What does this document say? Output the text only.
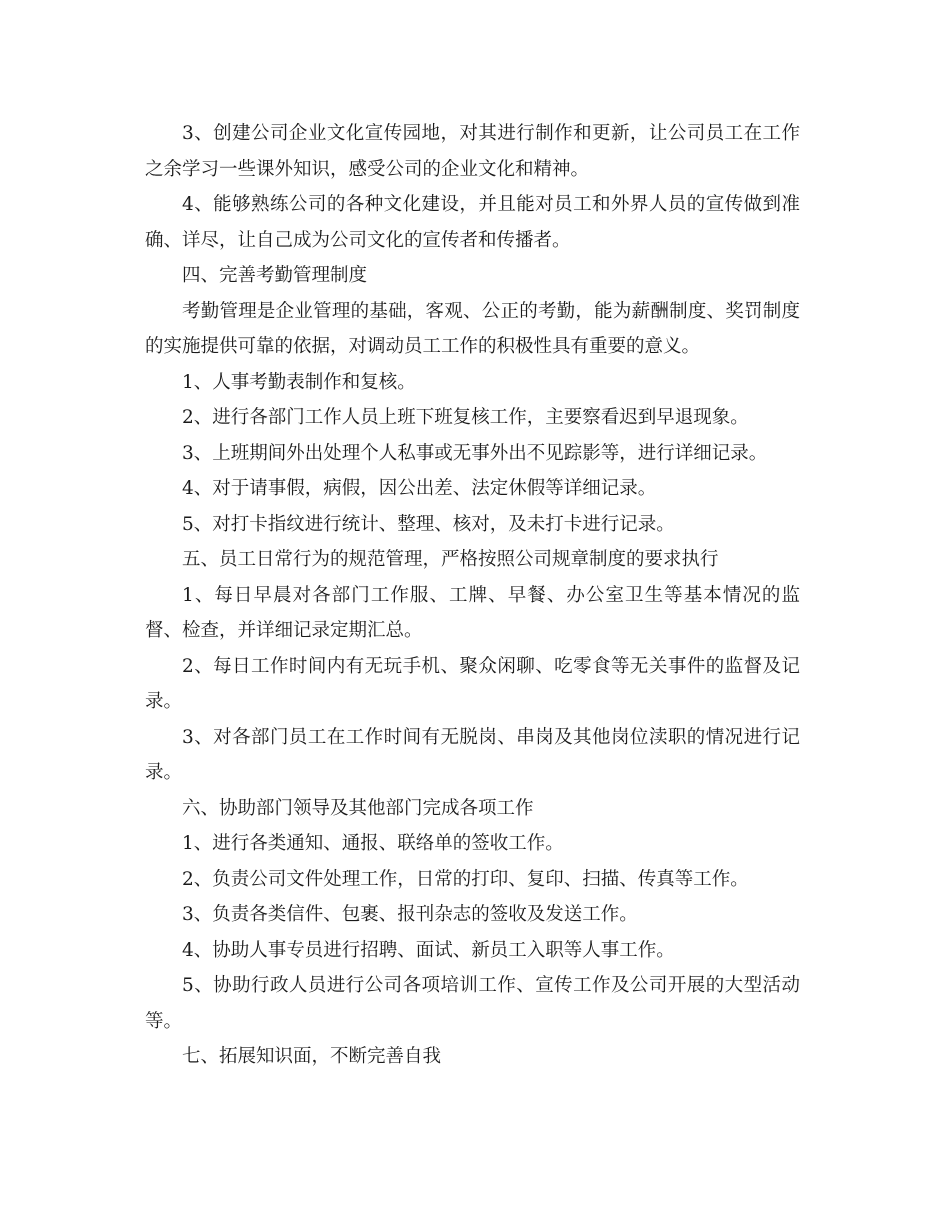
3、创建公司企业文化宣传园地，对其进行制作和更新，让公司员工在工作之余学习一些课外知识，感受公司的企业文化和精神。

4、能够熟练公司的各种文化建设，并且能对员工和外界人员的宣传做到准确、详尽，让自己成为公司文化的宣传者和传播者。

四、完善考勤管理制度

考勤管理是企业管理的基础，客观、公正的考勤，能为薪酬制度、奖罚制度的实施提供可靠的依据，对调动员工工作的积极性具有重要的意义。

1、人事考勤表制作和复核。

2、进行各部门工作人员上班下班复核工作，主要察看迟到早退现象。

3、上班期间外出处理个人私事或无事外出不见踪影等，进行详细记录。

4、对于请事假，病假，因公出差、法定休假等详细记录。

5、对打卡指纹进行统计、整理、核对，及未打卡进行记录。

五、员工日常行为的规范管理，严格按照公司规章制度的要求执行

1、每日早晨对各部门工作服、工牌、早餐、办公室卫生等基本情况的监督、检查，并详细记录定期汇总。

2、每日工作时间内有无玩手机、聚众闲聊、吃零食等无关事件的监督及记录。

3、对各部门员工在工作时间有无脱岗、串岗及其他岗位渎职的情况进行记录。

六、协助部门领导及其他部门完成各项工作

1、进行各类通知、通报、联络单的签收工作。

2、负责公司文件处理工作，日常的打印、复印、扫描、传真等工作。

3、负责各类信件、包裹、报刊杂志的签收及发送工作。

4、协助人事专员进行招聘、面试、新员工入职等人事工作。

5、协助行政人员进行公司各项培训工作、宣传工作及公司开展的大型活动等。

七、拓展知识面，不断完善自我
